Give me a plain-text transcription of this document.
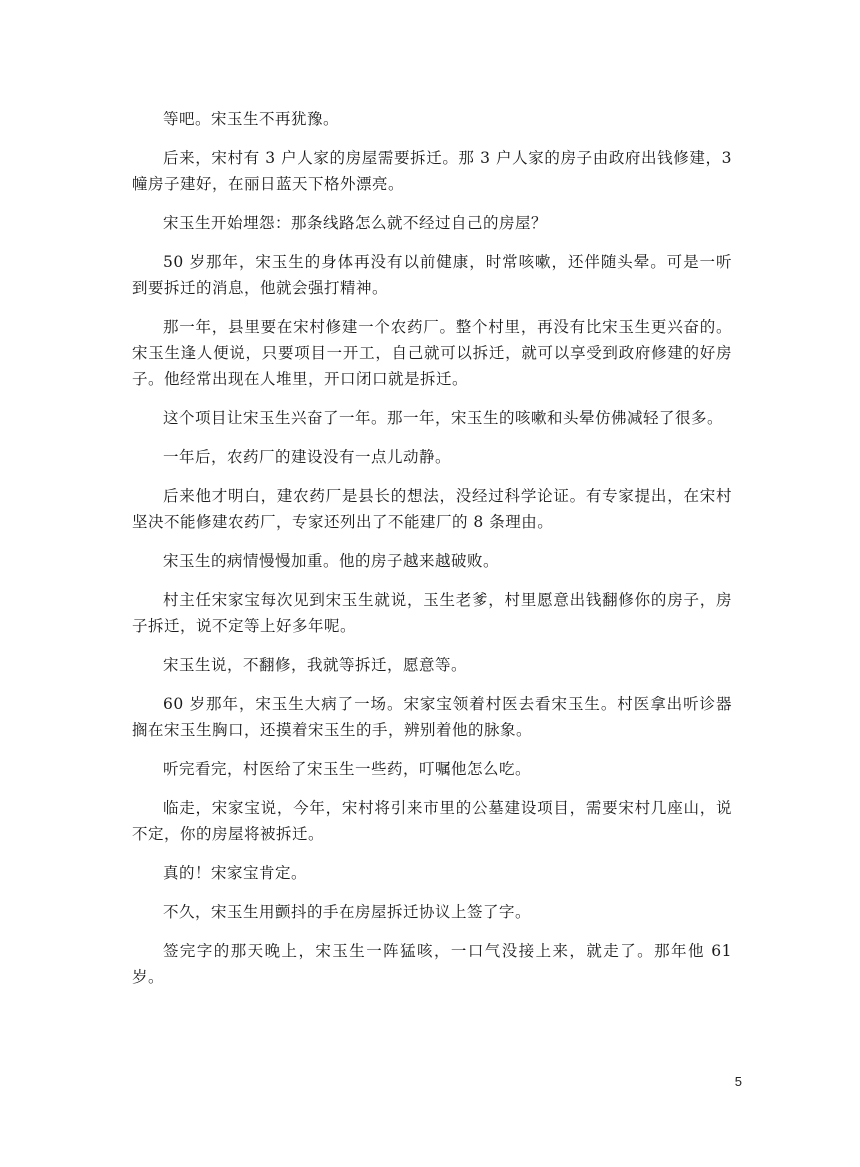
等吧。宋玉生不再犹豫。

后来，宋村有 3 户人家的房屋需要拆迁。那 3 户人家的房子由政府出钱修建，3 幢房子建好，在丽日蓝天下格外漂亮。

宋玉生开始埋怨：那条线路怎么就不经过自己的房屋？

50 岁那年，宋玉生的身体再没有以前健康，时常咳嗽，还伴随头晕。可是一听到要拆迁的消息，他就会强打精神。

那一年，县里要在宋村修建一个农药厂。整个村里，再没有比宋玉生更兴奋的。宋玉生逢人便说，只要项目一开工，自己就可以拆迁，就可以享受到政府修建的好房子。他经常出现在人堆里，开口闭口就是拆迁。

这个项目让宋玉生兴奋了一年。那一年，宋玉生的咳嗽和头晕仿佛减轻了很多。

一年后，农药厂的建设没有一点儿动静。

后来他才明白，建农药厂是县长的想法，没经过科学论证。有专家提出，在宋村坚决不能修建农药厂，专家还列出了不能建厂的 8 条理由。

宋玉生的病情慢慢加重。他的房子越来越破败。

村主任宋家宝每次见到宋玉生就说，玉生老爹，村里愿意出钱翻修你的房子，房子拆迁，说不定等上好多年呢。

宋玉生说，不翻修，我就等拆迁，愿意等。

60 岁那年，宋玉生大病了一场。宋家宝领着村医去看宋玉生。村医拿出听诊器搁在宋玉生胸口，还摸着宋玉生的手，辨别着他的脉象。

听完看完，村医给了宋玉生一些药，叮嘱他怎么吃。

临走，宋家宝说，今年，宋村将引来市里的公墓建设项目，需要宋村几座山，说不定，你的房屋将被拆迁。

真的！宋家宝肯定。

不久，宋玉生用颤抖的手在房屋拆迁协议上签了字。

签完字的那天晚上，宋玉生一阵猛咳，一口气没接上来，就走了。那年他 61 岁。

5
